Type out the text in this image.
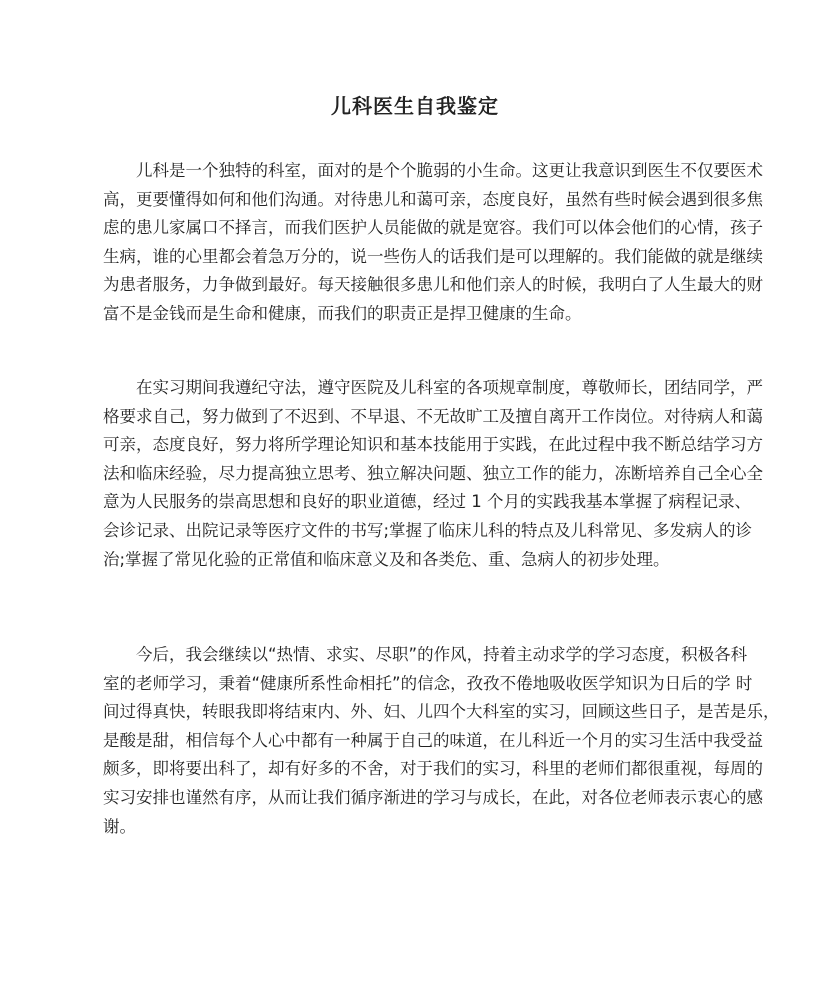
儿科医生自我鉴定
儿科是一个独特的科室，面对的是个个脆弱的小生命。这更让我意识到医生不仅要医术
高，更要懂得如何和他们沟通。对待患儿和蔼可亲，态度良好，虽然有些时候会遇到很多焦
虑的患儿家属口不择言，而我们医护人员能做的就是宽容。我们可以体会他们的心情，孩子
生病，谁的心里都会着急万分的，说一些伤人的话我们是可以理解的。我们能做的就是继续
为患者服务，力争做到最好。每天接触很多患儿和他们亲人的时候，我明白了人生最大的财
富不是金钱而是生命和健康，而我们的职责正是捍卫健康的生命。
在实习期间我遵纪守法，遵守医院及儿科室的各项规章制度，尊敬师长，团结同学，严
格要求自己，努力做到了不迟到、不早退、不无故旷工及擅自离开工作岗位。对待病人和蔼
可亲，态度良好，努力将所学理论知识和基本技能用于实践，在此过程中我不断总结学习方
法和临床经验，尽力提高独立思考、独立解决问题、独立工作的能力，冻断培养自己全心全
意为人民服务的崇高思想和良好的职业道德，经过 1 个月的实践我基本掌握了病程记录、
会诊记录、出院记录等医疗文件的书写;掌握了临床儿科的特点及儿科常见、多发病人的诊
治;掌握了常见化验的正常值和临床意义及和各类危、重、急病人的初步处理。
今后，我会继续以“热情、求实、尽职”的作风，持着主动求学的学习态度，积极各科
室的老师学习，秉着“健康所系性命相托”的信念，孜孜不倦地吸收医学知识为日后的学 时
间过得真快，转眼我即将结束内、外、妇、儿四个大科室的实习，回顾这些日子，是苦是乐，
是酸是甜，相信每个人心中都有一种属于自己的味道，在儿科近一个月的实习生活中我受益
颇多，即将要出科了，却有好多的不舍，对于我们的实习，科里的老师们都很重视，每周的
实习安排也谨然有序，从而让我们循序渐进的学习与成长，在此，对各位老师表示衷心的感
谢。
